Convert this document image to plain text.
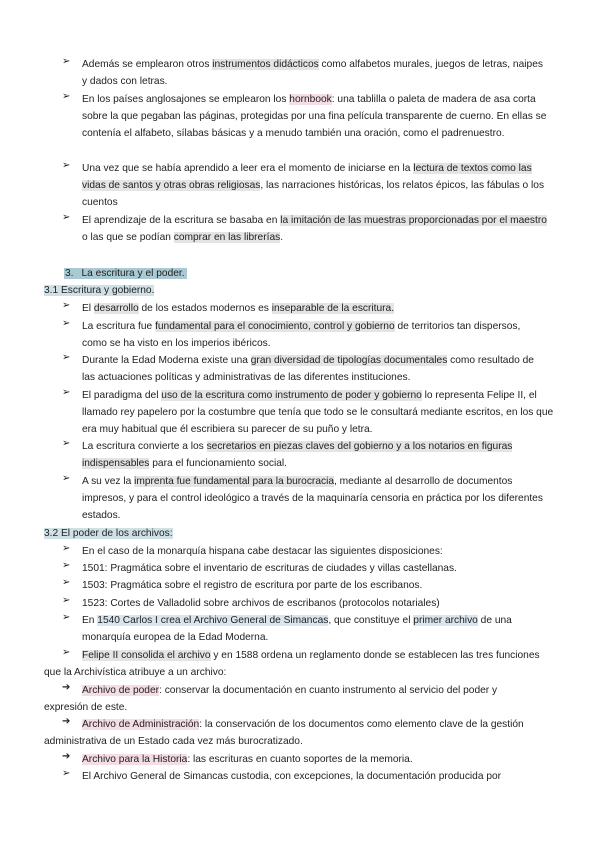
➢	Además se emplearon otros instrumentos didácticos como alfabetos murales, juegos de letras, naipes y dados con letras.

➢	En los países anglosajones se emplearon los hornbook: una tablilla o paleta de madera de asa corta sobre la que pegaban las páginas, protegidas por una fina película transparente de cuerno. En ellas se contenía el alfabeto, sílabas básicas y a menudo también una oración, como el padrenuestro.

➢	Una vez que se había aprendido a leer era el momento de iniciarse en la lectura de textos como las vidas de santos y otras obras religiosas, las narraciones históricas, los relatos épicos, las fábulas o los cuentos

➢	El aprendizaje de la escritura se basaba en la imitación de las muestras proporcionadas por el maestro o las que se podían comprar en las librerías.

3. La escritura y el poder.
3.1 Escritura y gobierno.
➢	El desarrollo de los estados modernos es inseparable de la escritura.

➢	La escritura fue fundamental para el conocimiento, control y gobierno de territorios tan dispersos, como se ha visto en los imperios ibéricos.

➢	Durante la Edad Moderna existe una gran diversidad de tipologías documentales como resultado de las actuaciones políticas y administrativas de las diferentes instituciones.

➢	El paradigma del uso de la escritura como instrumento de poder y gobierno lo representa Felipe II, el llamado rey papelero por la costumbre que tenía que todo se le consultará mediante escritos, en los que era muy habitual que él escribiera su parecer de su puño y letra.

➢	La escritura convierte a los secretarios en piezas claves del gobierno y a los notarios en figuras indispensables para el funcionamiento social.

➢	A su vez la imprenta fue fundamental para la burocracia, mediante al desarrollo de documentos impresos, y para el control ideológico a través de la maquinaría censoria en práctica por los diferentes estados.

3.2 El poder de los archivos:
➢	En el caso de la monarquía hispana cabe destacar las siguientes disposiciones:

➢	1501: Pragmática sobre el inventario de escrituras de ciudades y villas castellanas.

➢	1503: Pragmática sobre el registro de escritura por parte de los escribanos.

➢	1523: Cortes de Valladolid sobre archivos de escribanos (protocolos notariales)

➢	En 1540 Carlos I crea el Archivo General de Simancas, que constituye el primer archivo de una monarquía europea de la Edad Moderna.

➢	Felipe II consolida el archivo y en 1588 ordena un reglamento donde se establecen las tres funciones que la Archivística atribuye a un archivo:

➔	Archivo de poder: conservar la documentación en cuanto instrumento al servicio del poder y expresión de este.

➔	Archivo de Administración: la conservación de los documentos como elemento clave de la gestión administrativa de un Estado cada vez más burocratizado.

➔	Archivo para la Historia: las escrituras en cuanto soportes de la memoria.

➢	El Archivo General de Simancas custodia, con excepciones, la documentación producida por
